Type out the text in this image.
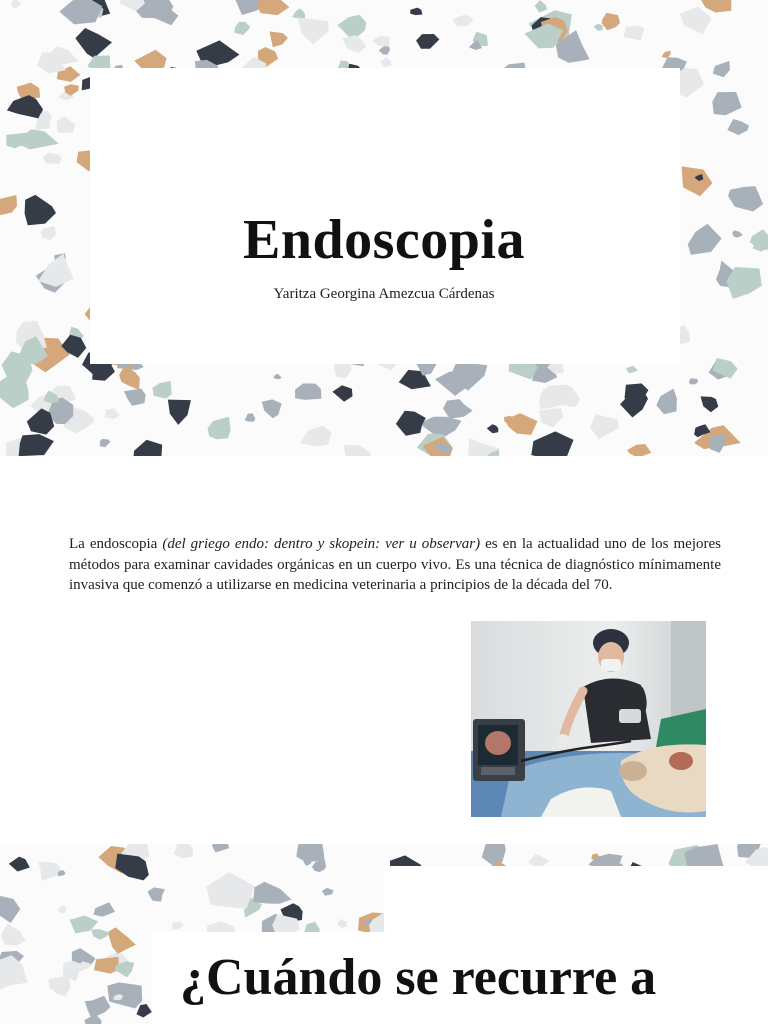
Endoscopia

Yaritza Georgina Amezcua Cárdenas

La endoscopia (del griego endo: dentro y skopein: ver u observar) es en la actualidad uno de los mejores métodos para examinar cavidades orgánicas en un cuerpo vivo. Es una técnica de diagnóstico mínimamente invasiva que comenzó a utilizarse en medicina veterinaria a principios de la década del 70.

¿Cuándo se recurre a
